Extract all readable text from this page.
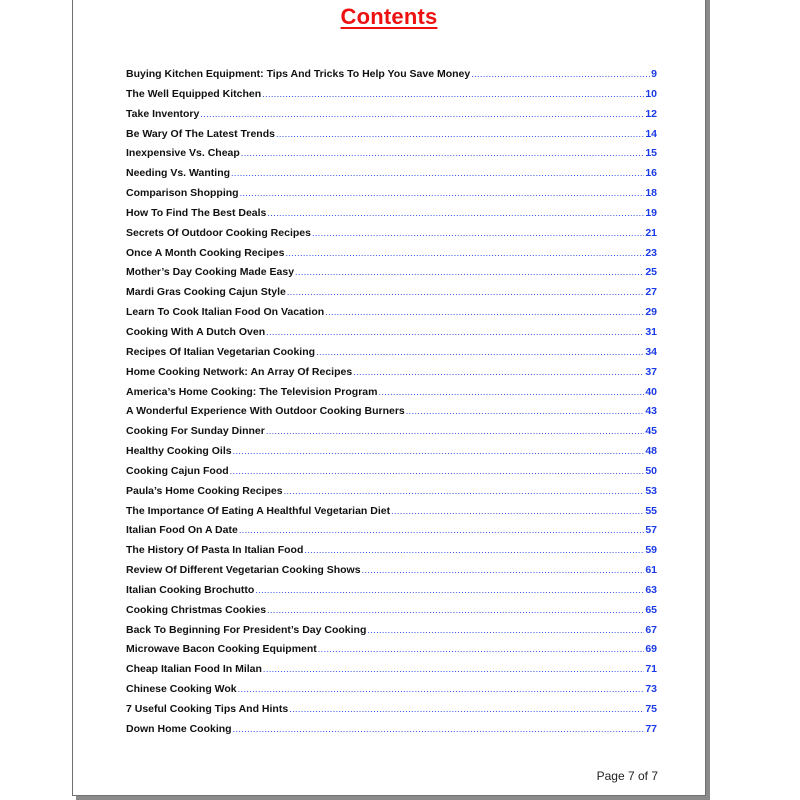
Contents
Buying Kitchen Equipment: Tips And Tricks To Help You Save Money .....	9
The Well Equipped Kitchen .....	10
Take Inventory .....	12
Be Wary Of The Latest Trends .....	14
Inexpensive Vs. Cheap .....	15
Needing Vs. Wanting .....	16
Comparison Shopping .....	18
How To Find The Best Deals .....	19
Secrets Of Outdoor Cooking Recipes .....	21
Once A Month Cooking Recipes .....	23
Mother’s Day Cooking Made Easy .....	25
Mardi Gras Cooking Cajun Style .....	27
Learn To Cook Italian Food On Vacation .....	29
Cooking With A Dutch Oven .....	31
Recipes Of Italian Vegetarian Cooking .....	34
Home Cooking Network: An Array Of Recipes .....	37
America’s Home Cooking: The Television Program .....	40
A Wonderful Experience With Outdoor Cooking Burners .....	43
Cooking For Sunday Dinner .....	45
Healthy Cooking Oils .....	48
Cooking Cajun Food .....	50
Paula’s Home Cooking Recipes .....	53
The Importance Of Eating A Healthful Vegetarian Diet .....	55
Italian Food On A Date .....	57
The History Of Pasta In Italian Food .....	59
Review Of Different Vegetarian Cooking Shows .....	61
Italian Cooking Brochutto .....	63
Cooking Christmas Cookies .....	65
Back To Beginning For President’s Day Cooking .....	67
Microwave Bacon Cooking Equipment .....	69
Cheap Italian Food In Milan .....	71
Chinese Cooking Wok .....	73
7 Useful Cooking Tips And Hints .....	75
Down Home Cooking .....	77
Page 7 of 7
